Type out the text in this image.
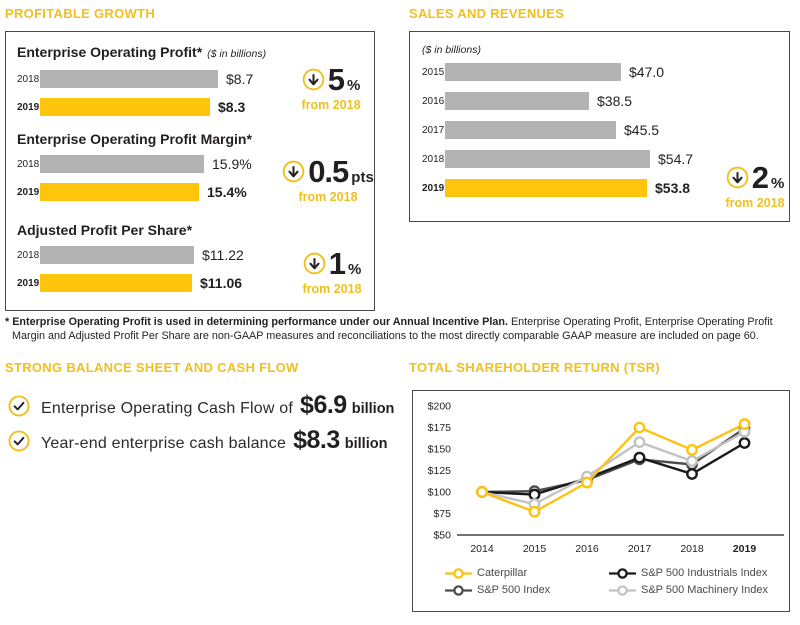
PROFITABLE GROWTH	SALES AND REVENUES
STRONG BALANCE SHEET AND CASH FLOW	TOTAL SHAREHOLDER RETURN (TSR)
Enterprise Operating Profit* ($ in billions)
2018	$8.7
2019	$8.3
Enterprise Operating Profit Margin*
2018	15.9%
2019	15.4%
Adjusted Profit Per Share*
2018	$11.22
2019	$11.06
5 %
from 2018
0.5 pts
from 2018
1 %
from 2018
($ in billions)
2015	$47.0
2016	$38.5
2017	$45.5
2018	$54.7
2019	$53.8 2 %
from 2018
* Enterprise Operating Profit is used in determining performance under our Annual Incentive Plan. Enterprise Operating Profit, Enterprise Operating Profit Margin and Adjusted Profit Per Share are non-GAAP measures and reconciliations to the most directly comparable GAAP measure are included on page 60.
Enterprise Operating Cash Flow of $6.9 billion
Year-end enterprise cash balance $8.3 billion
$200
$175
$150
$125
$100
$75
$50
2014	2015	2016	2017	2018	2019
Caterpillar	S&P 500 Industrials Index
S&P 500 Index	S&P 500 Machinery Index
